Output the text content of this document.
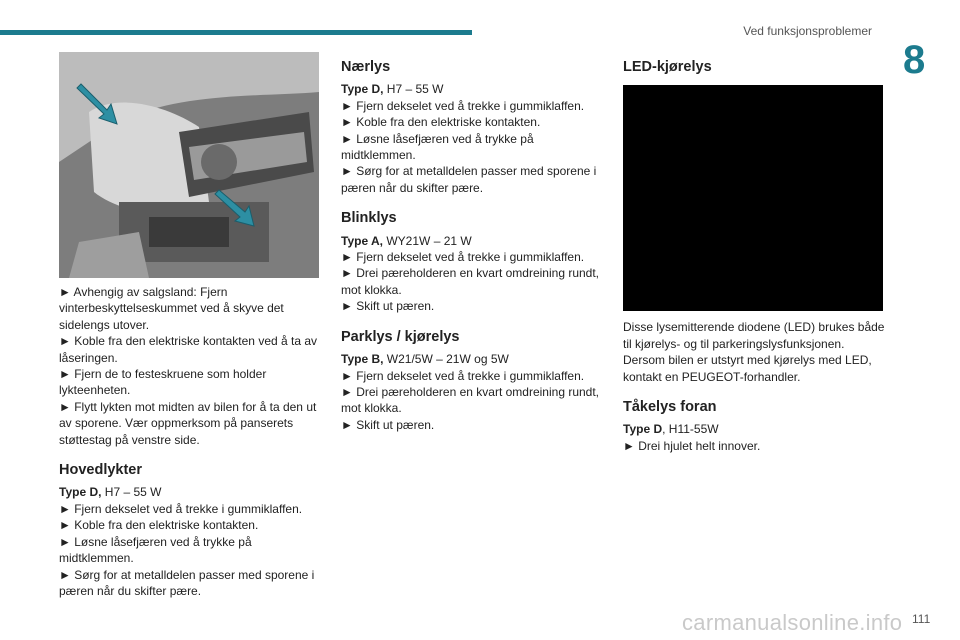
Ved funksjonsproblemer
8

► Avhengig av salgsland: Fjern vinterbeskyttelseskummet ved å skyve det sidelengs utover.

► Koble fra den elektriske kontakten ved å ta av låseringen.

► Fjern de to festeskruene som holder lykteenheten.

► Flytt lykten mot midten av bilen for å ta den ut av sporene. Vær oppmerksom på panserets støttestag på venstre side.

Hovedlykter

Type D, H7 – 55 W

► Fjern dekselet ved å trekke i gummiklaffen.

► Koble fra den elektriske kontakten.

► Løsne låsefjæren ved å trykke på midtklemmen.

► Sørg for at metalldelen passer med sporene i pæren når du skifter pære.

Nærlys

Type D, H7 – 55 W

► Fjern dekselet ved å trekke i gummiklaffen.

► Koble fra den elektriske kontakten.

► Løsne låsefjæren ved å trykke på midtklemmen.

► Sørg for at metalldelen passer med sporene i pæren når du skifter pære.

Blinklys

Type A, WY21W – 21 W

► Fjern dekselet ved å trekke i gummiklaffen.

► Drei pæreholderen en kvart omdreining rundt, mot klokka.

► Skift ut pæren.

Parklys / kjørelys

Type B, W21/5W – 21W og 5W

► Fjern dekselet ved å trekke i gummiklaffen.

► Drei pæreholderen en kvart omdreining rundt, mot klokka.

► Skift ut pæren.

LED-kjørelys

Disse lysemitterende diodene (LED) brukes både til kjørelys- og til parkeringslysfunksjonen. Dersom bilen er utstyrt med kjørelys med LED, kontakt en PEUGEOT-forhandler.

Tåkelys foran

Type D, H11-55W

► Drei hjulet helt innover.

carmanualsonline.info 111
